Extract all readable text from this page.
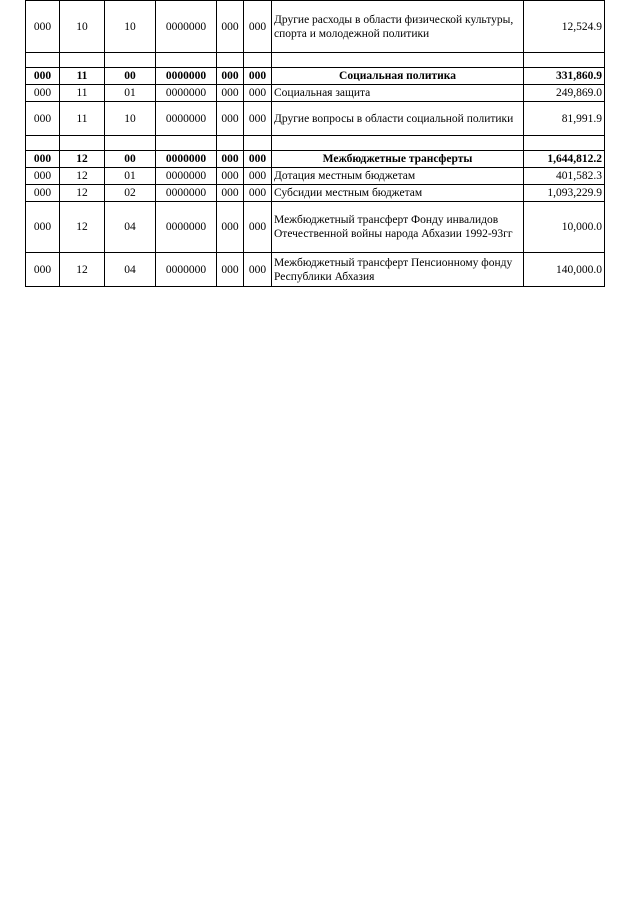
000	10	10	0000000	000	000	Другие расходы в области физической культуры, спорта и молодежной политики	12,524.9

000	11	00	0000000	000	000	Социальная политика	331,860.9
000	11	01	0000000	000	000	Социальная защита	249,869.0
000	11	10	0000000	000	000	Другие вопросы в области социальной политики	81,991.9

000	12	00	0000000	000	000	Межбюджетные трансферты	1,644,812.2
000	12	01	0000000	000	000	Дотация местным бюджетам	401,582.3
000	12	02	0000000	000	000	Субсидии местным бюджетам	1,093,229.9
000	12	04	0000000	000	000	Межбюджетный трансферт Фонду инвалидов Отечественной войны народа Абхазии 1992-93гг	10,000.0
000	12	04	0000000	000	000	Межбюджетный трансферт Пенсионному фонду Республики Абхазия	140,000.0
